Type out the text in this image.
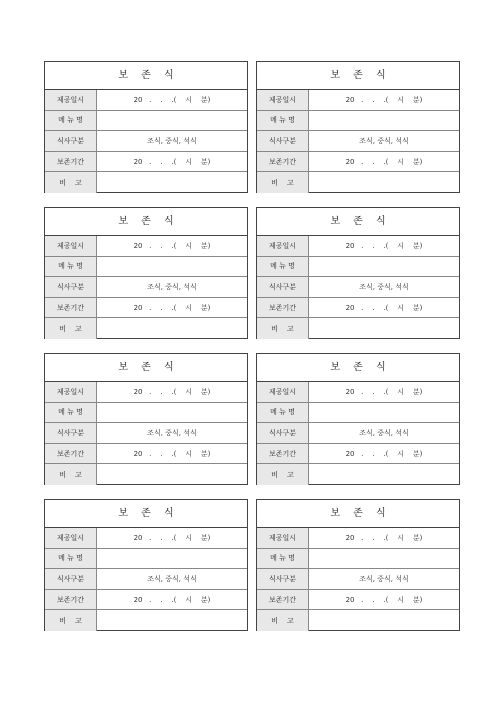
보 존 식
제공일시	20   .    .    .(    시    분)
메 뉴 명
식사구분	조식, 중식, 석식
보존기간	20   .    .    .(    시    분)
비    고
보 존 식
제공일시	20   .    .    .(    시    분)
메 뉴 명
식사구분	조식, 중식, 석식
보존기간	20   .    .    .(    시    분)
비    고
보 존 식
제공일시	20   .    .    .(    시    분)
메 뉴 명
식사구분	조식, 중식, 석식
보존기간	20   .    .    .(    시    분)
비    고
보 존 식
제공일시	20   .    .    .(    시    분)
메 뉴 명
식사구분	조식, 중식, 석식
보존기간	20   .    .    .(    시    분)
비    고
보 존 식
제공일시	20   .    .    .(    시    분)
메 뉴 명
식사구분	조식, 중식, 석식
보존기간	20   .    .    .(    시    분)
비    고
보 존 식
제공일시	20   .    .    .(    시    분)
메 뉴 명
식사구분	조식, 중식, 석식
보존기간	20   .    .    .(    시    분)
비    고
보 존 식
제공일시	20   .    .    .(    시    분)
메 뉴 명
식사구분	조식, 중식, 석식
보존기간	20   .    .    .(    시    분)
비    고
보 존 식
제공일시	20   .    .    .(    시    분)
메 뉴 명
식사구분	조식, 중식, 석식
보존기간	20   .    .    .(    시    분)
비    고
